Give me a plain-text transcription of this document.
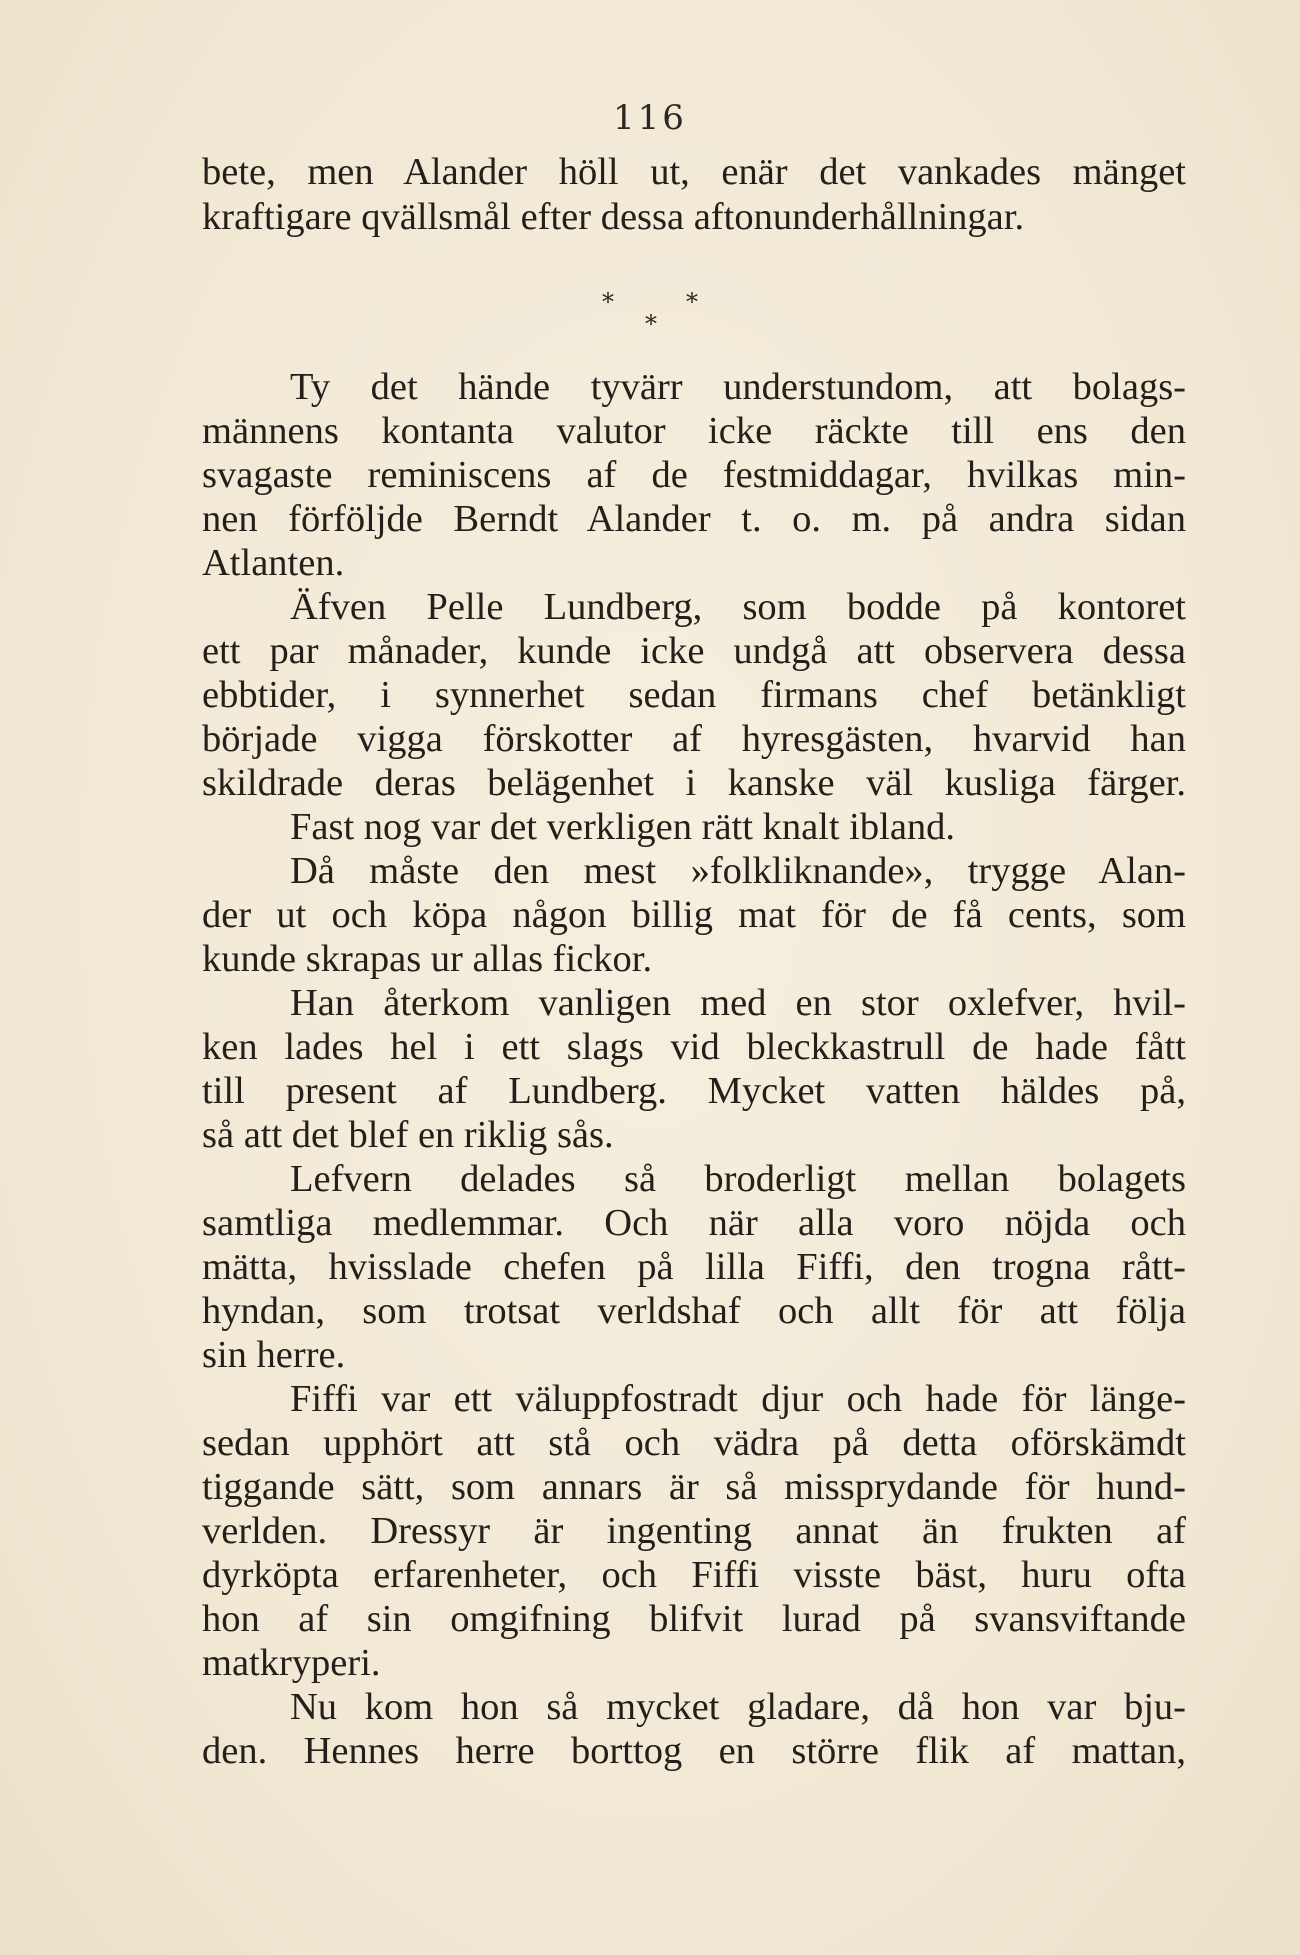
116
*	*
*
bete, men Alander höll ut, enär det vankades mänget
kraftigare qvällsmål efter dessa aftonunderhållningar.
Ty det hände tyvärr understundom, att bolags-
männens kontanta valutor icke räckte till ens den
svagaste reminiscens af de festmiddagar, hvilkas min-
nen förföljde Berndt Alander t. o. m. på andra sidan
Atlanten.
Äfven Pelle Lundberg, som bodde på kontoret
ett par månader, kunde icke undgå att observera dessa
ebbtider, i synnerhet sedan firmans chef betänkligt
började vigga förskotter af hyresgästen, hvarvid han
skildrade deras belägenhet i kanske väl kusliga färger.
Fast nog var det verkligen rätt knalt ibland.
Då måste den mest »folkliknande», trygge Alan-
der ut och köpa någon billig mat för de få cents, som
kunde skrapas ur allas fickor.
Han återkom vanligen med en stor oxlefver, hvil-
ken lades hel i ett slags vid bleckkastrull de hade fått
till present af Lundberg. Mycket vatten häldes på,
så att det blef en riklig sås.
Lefvern delades så broderligt mellan bolagets
samtliga medlemmar. Och när alla voro nöjda och
mätta, hvisslade chefen på lilla Fiffi, den trogna rått-
hyndan, som trotsat verldshaf och allt för att följa
sin herre.
Fiffi var ett väluppfostradt djur och hade för länge-
sedan upphört att stå och vädra på detta oförskämdt
tiggande sätt, som annars är så missprydande för hund-
verlden. Dressyr är ingenting annat än frukten af
dyrköpta erfarenheter, och Fiffi visste bäst, huru ofta
hon af sin omgifning blifvit lurad på svansviftande
matkryperi.
Nu kom hon så mycket gladare, då hon var bju-
den. Hennes herre borttog en större flik af mattan,
